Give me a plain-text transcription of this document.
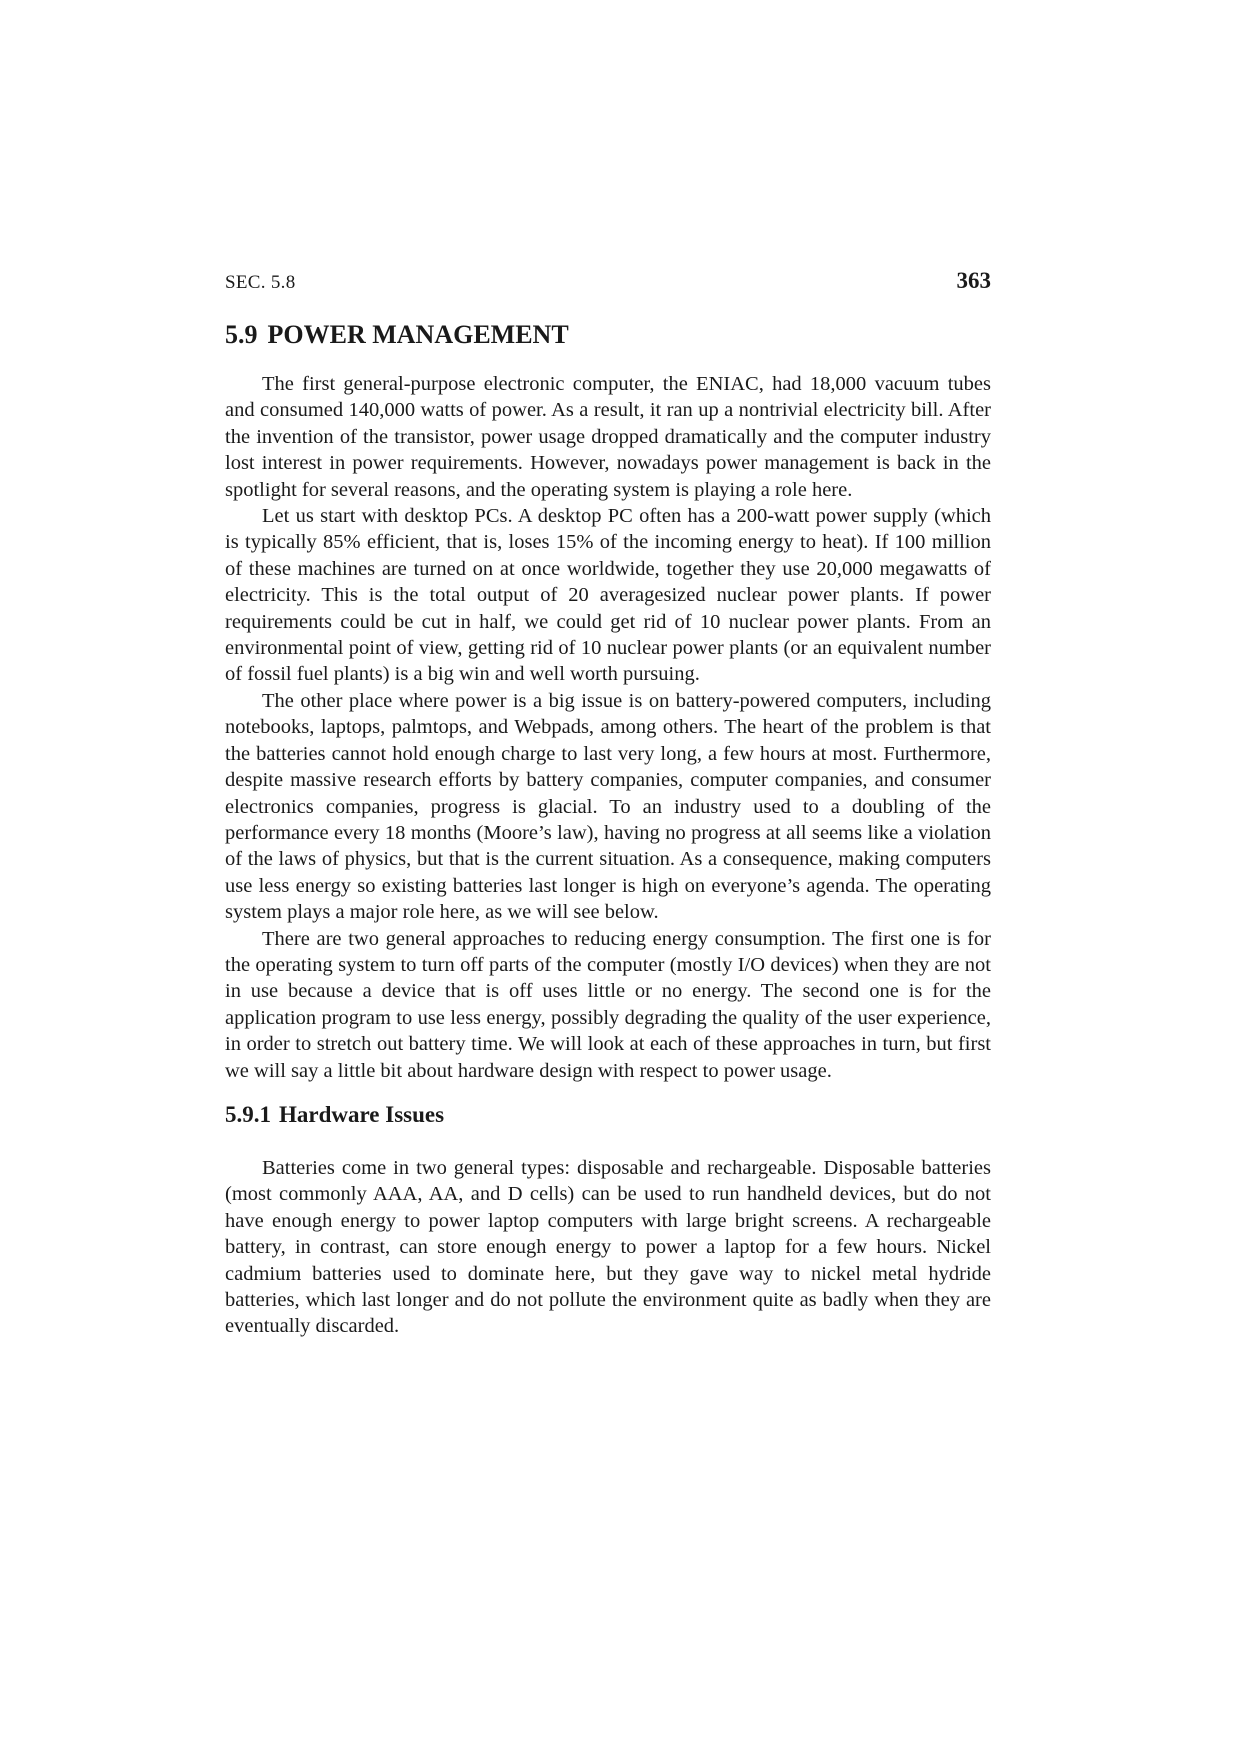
SEC. 5.8	363
5.9 POWER MANAGEMENT

The first general-purpose electronic computer, the ENIAC, had 18,000 vacuum tubes and consumed 140,000 watts of power. As a result, it ran up a nontrivial electricity bill. After the invention of the transistor, power usage dropped dramatically and the computer industry lost interest in power requirements. However, nowadays power management is back in the spotlight for several reasons, and the operating system is playing a role here.

Let us start with desktop PCs. A desktop PC often has a 200-watt power supply (which is typically 85% efficient, that is, loses 15% of the incoming energy to heat). If 100 million of these machines are turned on at once worldwide, together they use 20,000 megawatts of electricity. This is the total output of 20 averagesized nuclear power plants. If power requirements could be cut in half, we could get rid of 10 nuclear power plants. From an environmental point of view, getting rid of 10 nuclear power plants (or an equivalent number of fossil fuel plants) is a big win and well worth pursuing.

The other place where power is a big issue is on battery-powered computers, including notebooks, laptops, palmtops, and Webpads, among others. The heart of the problem is that the batteries cannot hold enough charge to last very long, a few hours at most. Furthermore, despite massive research efforts by battery companies, computer companies, and consumer electronics companies, progress is glacial. To an industry used to a doubling of the performance every 18 months (Moore’s law), having no progress at all seems like a violation of the laws of physics, but that is the current situation. As a consequence, making computers use less energy so existing batteries last longer is high on everyone’s agenda. The operating system plays a major role here, as we will see below.

There are two general approaches to reducing energy consumption. The first one is for the operating system to turn off parts of the computer (mostly I/O devices) when they are not in use because a device that is off uses little or no energy. The second one is for the application program to use less energy, possibly degrading the quality of the user experience, in order to stretch out battery time. We will look at each of these approaches in turn, but first we will say a little bit about hardware design with respect to power usage.

5.9.1 Hardware Issues

Batteries come in two general types: disposable and rechargeable. Disposable batteries (most commonly AAA, AA, and D cells) can be used to run handheld devices, but do not have enough energy to power laptop computers with large bright screens. A rechargeable battery, in contrast, can store enough energy to power a laptop for a few hours. Nickel cadmium batteries used to dominate here, but they gave way to nickel metal hydride batteries, which last longer and do not pollute the environment quite as badly when they are eventually discarded.
